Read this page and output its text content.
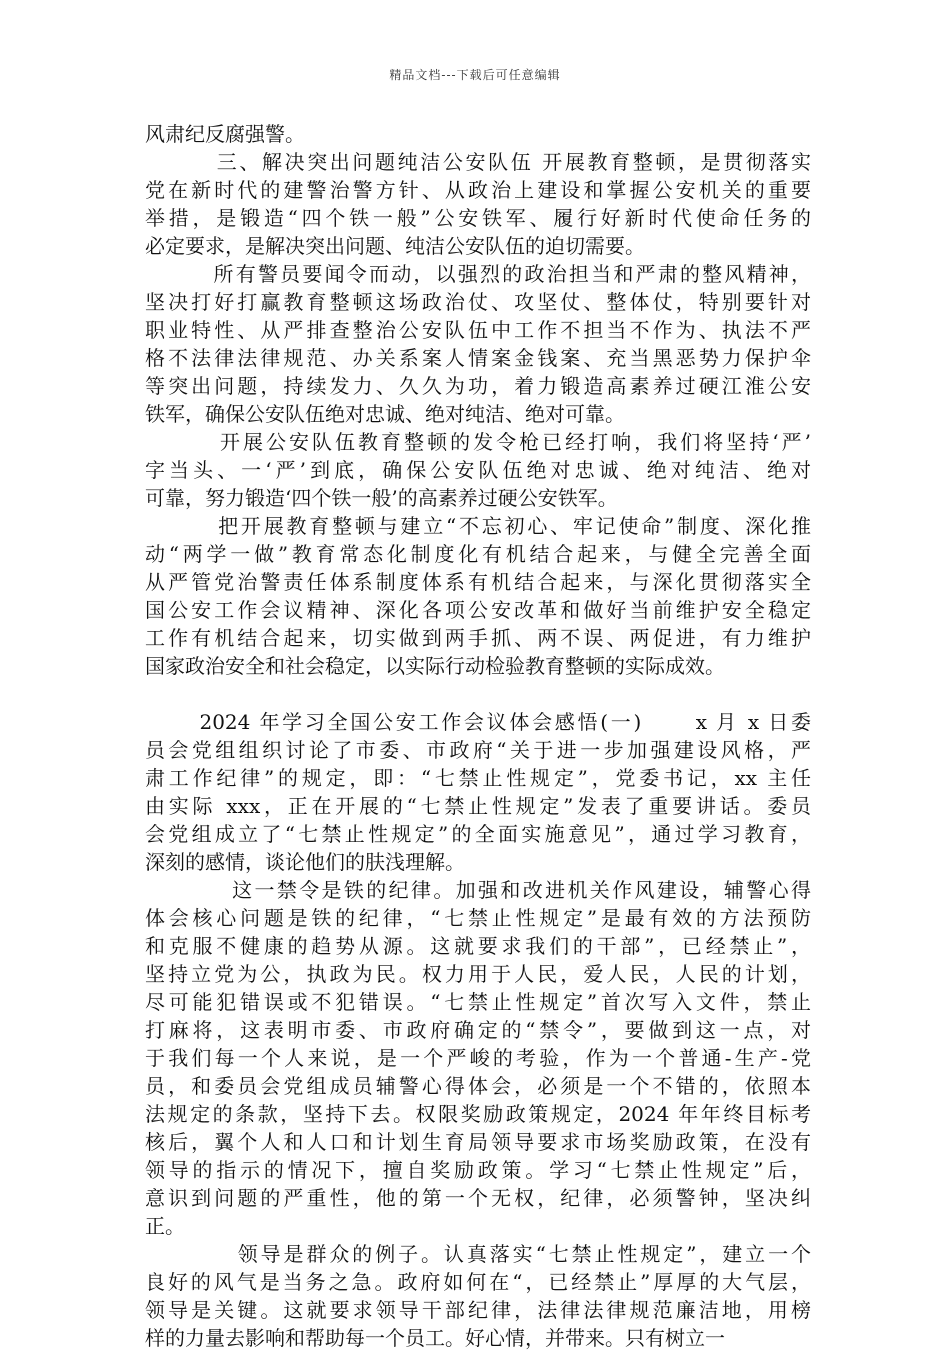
精品文档---下载后可任意编辑
风肃纪反腐强警。
三、解决突出问题纯洁公安队伍 开展教育整顿，是贯彻落实
党在新时代的建警治警方针、从政治上建设和掌握公安机关的重要
举措，是锻造“四个铁一般”公安铁军、履行好新时代使命任务的
必定要求，是解决突出问题、纯洁公安队伍的迫切需要。
所有警员要闻令而动，以强烈的政治担当和严肃的整风精神，
坚决打好打赢教育整顿这场政治仗、攻坚仗、整体仗，特别要针对
职业特性、从严排查整治公安队伍中工作不担当不作为、执法不严
格不法律法律规范、办关系案人情案金钱案、充当黑恶势力保护伞
等突出问题，持续发力、久久为功，着力锻造高素养过硬江淮公安
铁军，确保公安队伍绝对忠诚、绝对纯洁、绝对可靠。
开展公安队伍教育整顿的发令枪已经打响，我们将坚持‘严’
字当头、一‘严’到底，确保公安队伍绝对忠诚、绝对纯洁、绝对
可靠，努力锻造‘四个铁一般’的高素养过硬公安铁军。
把开展教育整顿与建立“不忘初心、牢记使命”制度、深化推
动“两学一做”教育常态化制度化有机结合起来，与健全完善全面
从严管党治警责任体系制度体系有机结合起来，与深化贯彻落实全
国公安工作会议精神、深化各项公安改革和做好当前维护安全稳定
工作有机结合起来，切实做到两手抓、两不误、两促进，有力维护
国家政治安全和社会稳定，以实际行动检验教育整顿的实际成效。
2024 年学习全国公安工作会议体会感悟(一)      x 月 x 日委
员会党组组织讨论了市委、市政府“关于进一步加强建设风格，严
肃工作纪律”的规定，即：“七禁止性规定”，党委书记，xx 主任
由实际 xxx，正在开展的“七禁止性规定”发表了重要讲话。委员
会党组成立了“七禁止性规定”的全面实施意见”，通过学习教育，
深刻的感情，谈论他们的肤浅理解。
这一禁令是铁的纪律。加强和改进机关作风建设，辅警心得
体会核心问题是铁的纪律，“七禁止性规定”是最有效的方法预防
和克服不健康的趋势从源。这就要求我们的干部”，已经禁止”，
坚持立党为公，执政为民。权力用于人民，爱人民，人民的计划，
尽可能犯错误或不犯错误。“七禁止性规定”首次写入文件，禁止
打麻将，这表明市委、市政府确定的“禁令”，要做到这一点，对
于我们每一个人来说，是一个严峻的考验，作为一个普通-生产-党
员，和委员会党组成员辅警心得体会，必须是一个不错的，依照本
法规定的条款，坚持下去。权限奖励政策规定，2024 年年终目标考
核后，翼个人和人口和计划生育局领导要求市场奖励政策，在没有
领导的指示的情况下，擅自奖励政策。学习“七禁止性规定”后，
意识到问题的严重性，他的第一个无权，纪律，必须警钟，坚决纠
正。
领导是群众的例子。认真落实“七禁止性规定”，建立一个
良好的风气是当务之急。政府如何在“，已经禁止”厚厚的大气层，
领导是关键。这就要求领导干部纪律，法律法律规范廉洁地，用榜
样的力量去影响和帮助每一个员工。好心情，并带来。只有树立一
